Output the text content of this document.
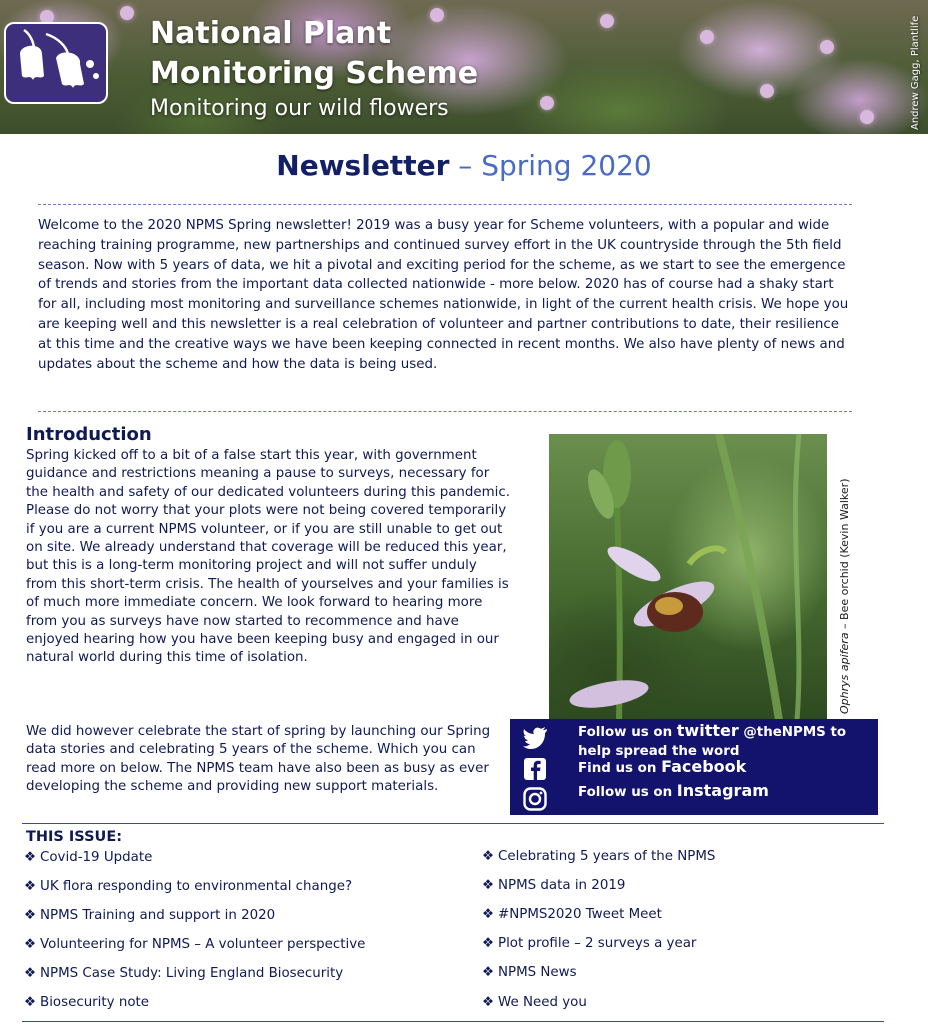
National Plant
Monitoring Scheme
Monitoring our wild flowers	Andrew Gagg, Plantlife
Newsletter – Spring 2020
Welcome to the 2020 NPMS Spring newsletter! 2019 was a busy year for Scheme volunteers, with a popular and wide reaching training programme, new partnerships and continued survey effort in the UK countryside through the 5th field season. Now with 5 years of data, we hit a pivotal and exciting period for the scheme, as we start to see the emergence of trends and stories from the important data collected nationwide - more below. 2020 has of course had a shaky start for all, including most monitoring and surveillance schemes nationwide, in light of the current health crisis. We hope you are keeping well and this newsletter is a real celebration of volunteer and partner contributions to date, their resilience at this time and the creative ways we have been keeping connected in recent months. We also have plenty of news and updates about the scheme and how the data is being used.
Introduction
Spring kicked off to a bit of a false start this year, with government guidance and restrictions meaning a pause to surveys, necessary for the health and safety of our dedicated volunteers during this pandemic. Please do not worry that your plots were not being covered temporarily if you are a current NPMS volunteer, or if you are still unable to get out on site. We already understand that coverage will be reduced this year, but this is a long-term monitoring project and will not suffer unduly from this short-term crisis. The health of yourselves and your families is of much more immediate concern. We look forward to hearing more from you as surveys have now started to recommence and have enjoyed hearing how you have been keeping busy and engaged in our natural world during this time of isolation.
We did however celebrate the start of spring by launching our Spring data stories and celebrating 5 years of the scheme. Which you can read more on below. The NPMS team have also been as busy as ever developing the scheme and providing new support materials.
Ophrys apifera – Bee orchid (Kevin Walker)
Follow us on twitter @theNPMS to help spread the word
Find us on Facebook
Follow us on Instagram
THIS ISSUE:
❖ Covid-19 Update
❖ UK flora responding to environmental change?
❖ NPMS Training and support in 2020
❖ Volunteering for NPMS – A volunteer perspective
❖ NPMS Case Study: Living England Biosecurity
❖ Biosecurity note
❖ Celebrating 5 years of the NPMS
❖ NPMS data in 2019
❖ #NPMS2020 Tweet Meet
❖ Plot profile – 2 surveys a year
❖ NPMS News
❖ We Need you
